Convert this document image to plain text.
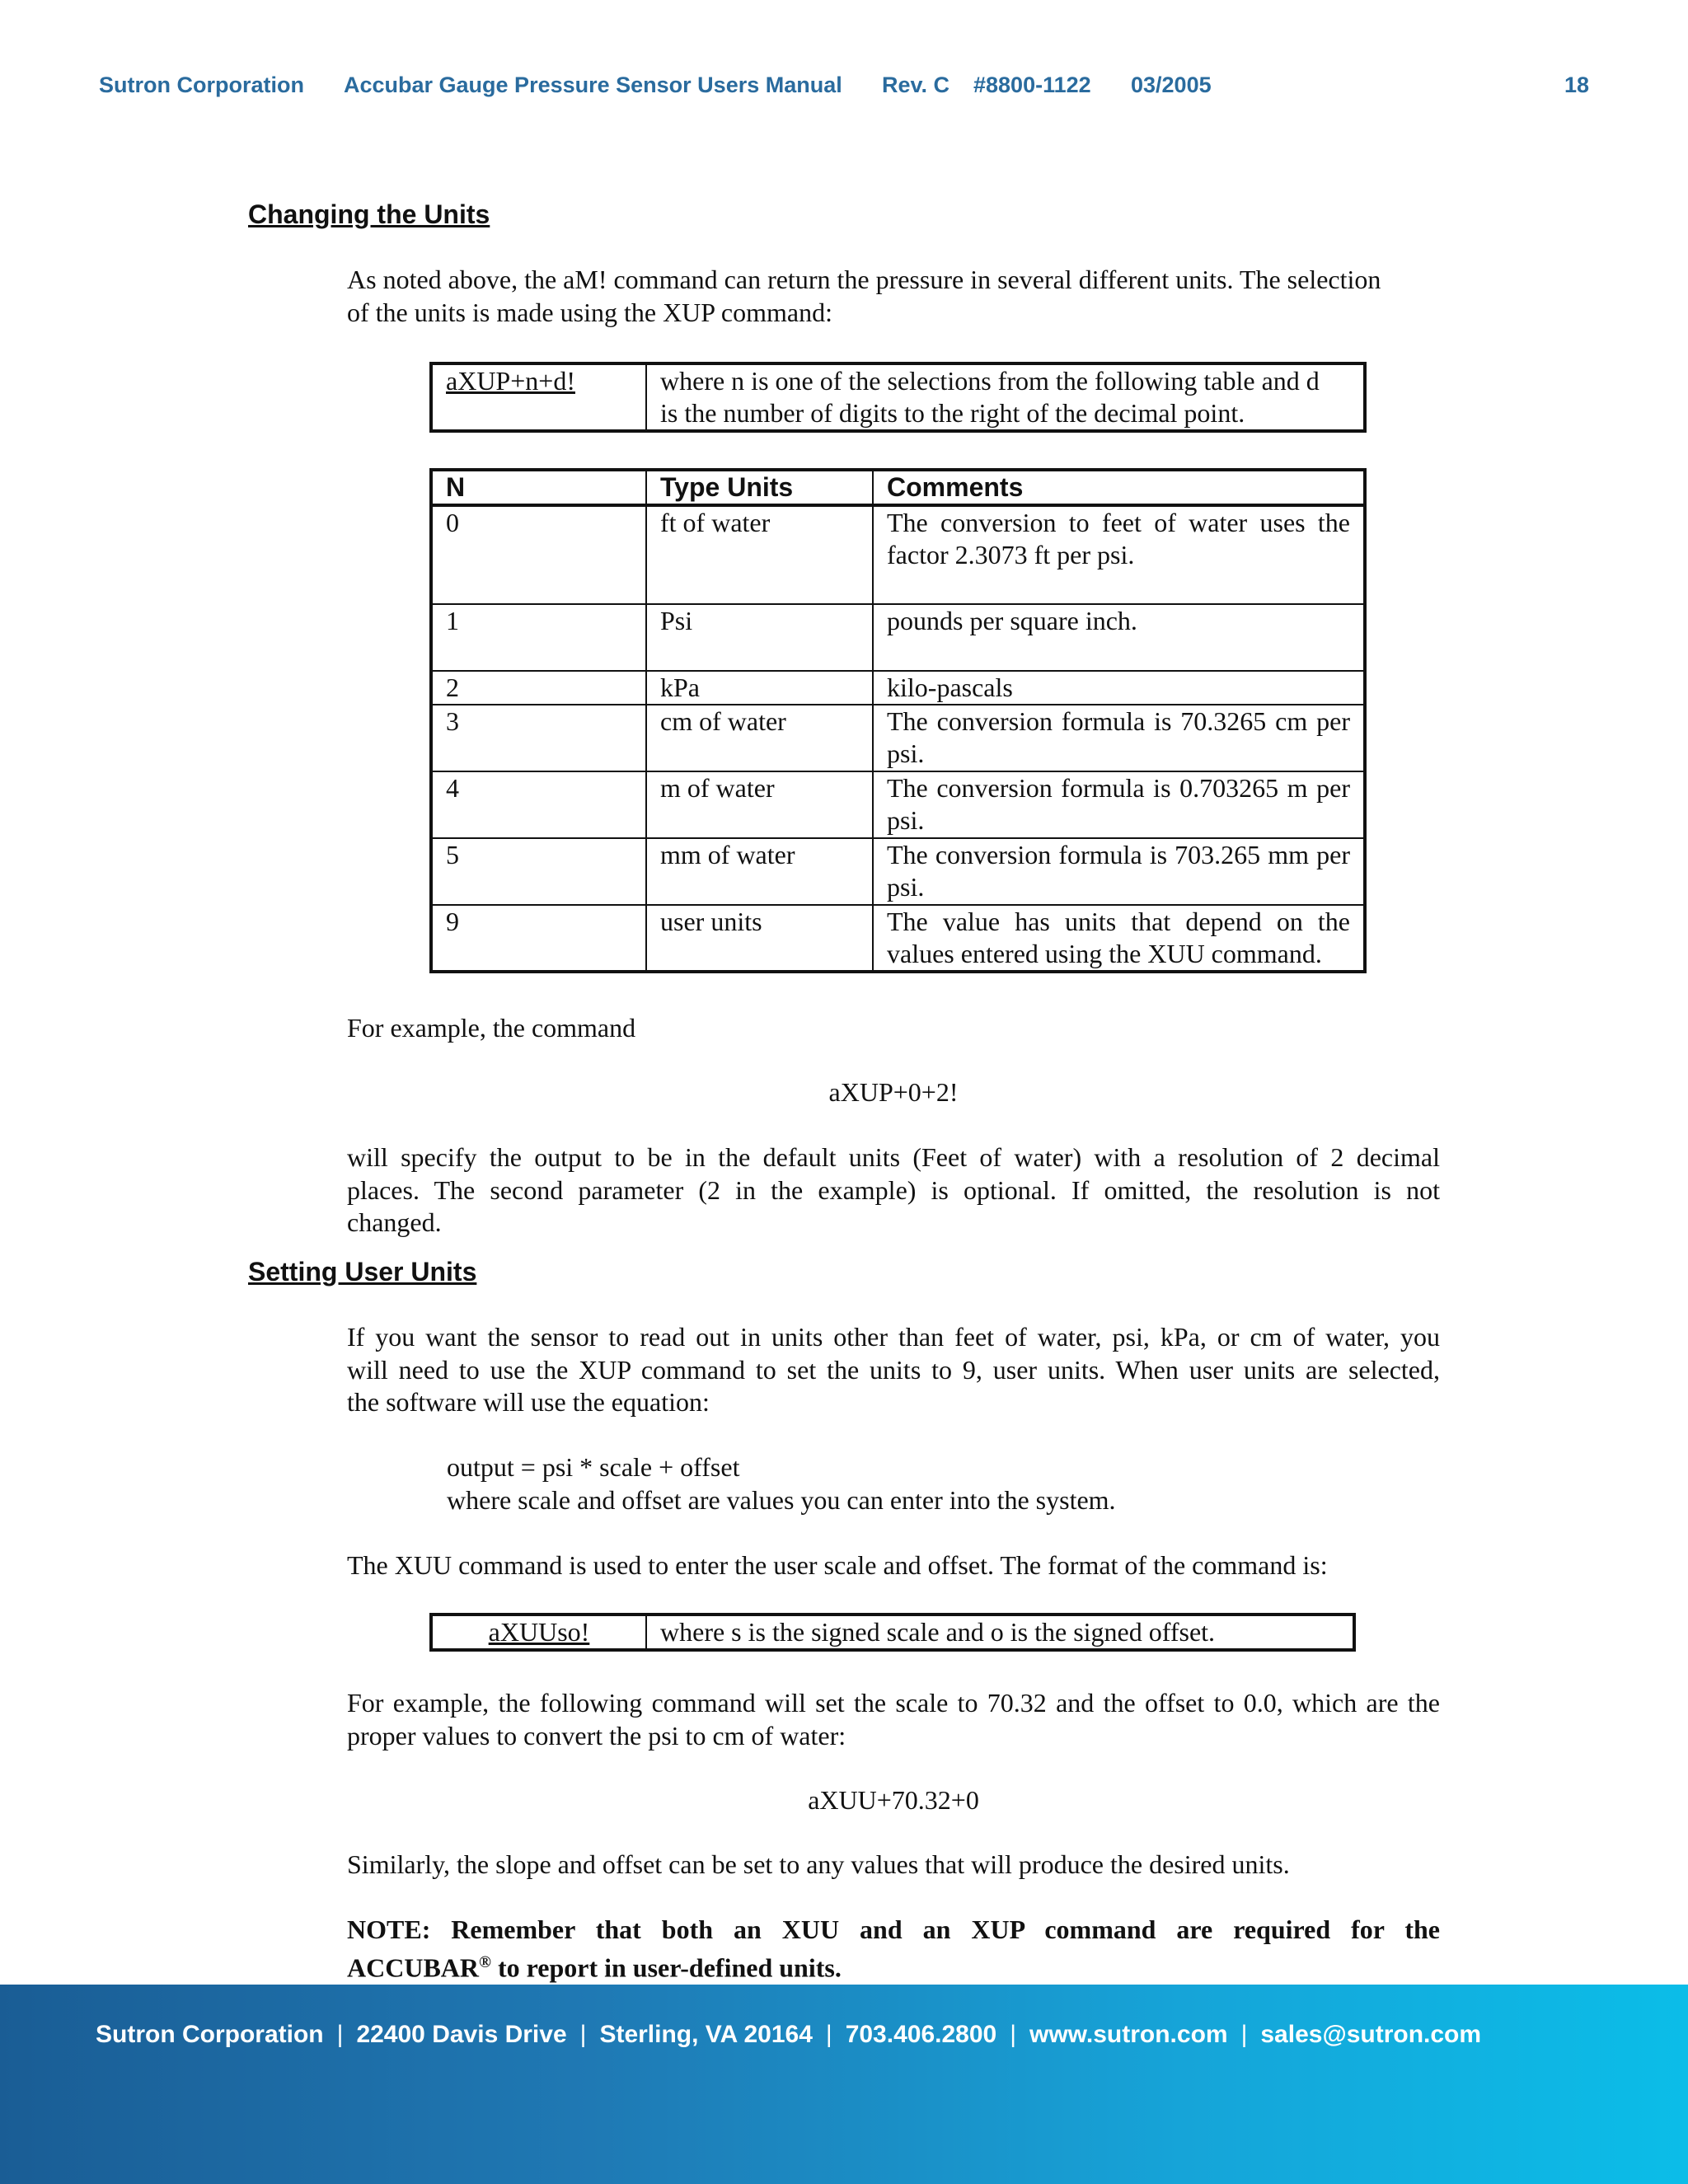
Sutron Corporation Accubar Gauge Pressure Sensor Users Manual Rev. C #8800-1122 03/2005	18
Changing the Units
As noted above, the aM! command can return the pressure in several different units. The selection
of the units is made using the XUP command:
aXUP+n+d!	where n is one of the selections from the following table and d
is the number of digits to the right of the decimal point.
N	Type Units	Comments
0	ft of water	The conversion to feet of water uses the factor 2.3073 ft per psi.
1	Psi	pounds per square inch.
2	kPa	kilo-pascals
3	cm of water	The conversion formula is 70.3265 cm per psi.
4	m of water	The conversion formula is 0.703265 m per psi.
5	mm of water	The conversion formula is 703.265 mm per psi.
9	user units	The value has units that depend on the values entered using the XUU command.
For example, the command
aXUP+0+2!
will specify the output to be in the default units (Feet of water) with a resolution of 2 decimal
places. The second parameter (2 in the example) is optional. If omitted, the resolution is not
changed.
Setting User Units
If you want the sensor to read out in units other than feet of water, psi, kPa, or cm of water, you
will need to use the XUP command to set the units to 9, user units. When user units are selected,
the software will use the equation:
output = psi * scale + offset
where scale and offset are values you can enter into the system.
The XUU command is used to enter the user scale and offset. The format of the command is:
aXUUso!	where s is the signed scale and o is the signed offset.
For example, the following command will set the scale to 70.32 and the offset to 0.0, which are the
proper values to convert the psi to cm of water:
aXUU+70.32+0
Similarly, the slope and offset can be set to any values that will produce the desired units.
NOTE: Remember that both an XUU and an XUP command are required for the
ACCUBAR® to report in user-defined units.
Sutron Corporation | 22400 Davis Drive | Sterling, VA 20164 | 703.406.2800 | www.sutron.com | sales@sutron.com
